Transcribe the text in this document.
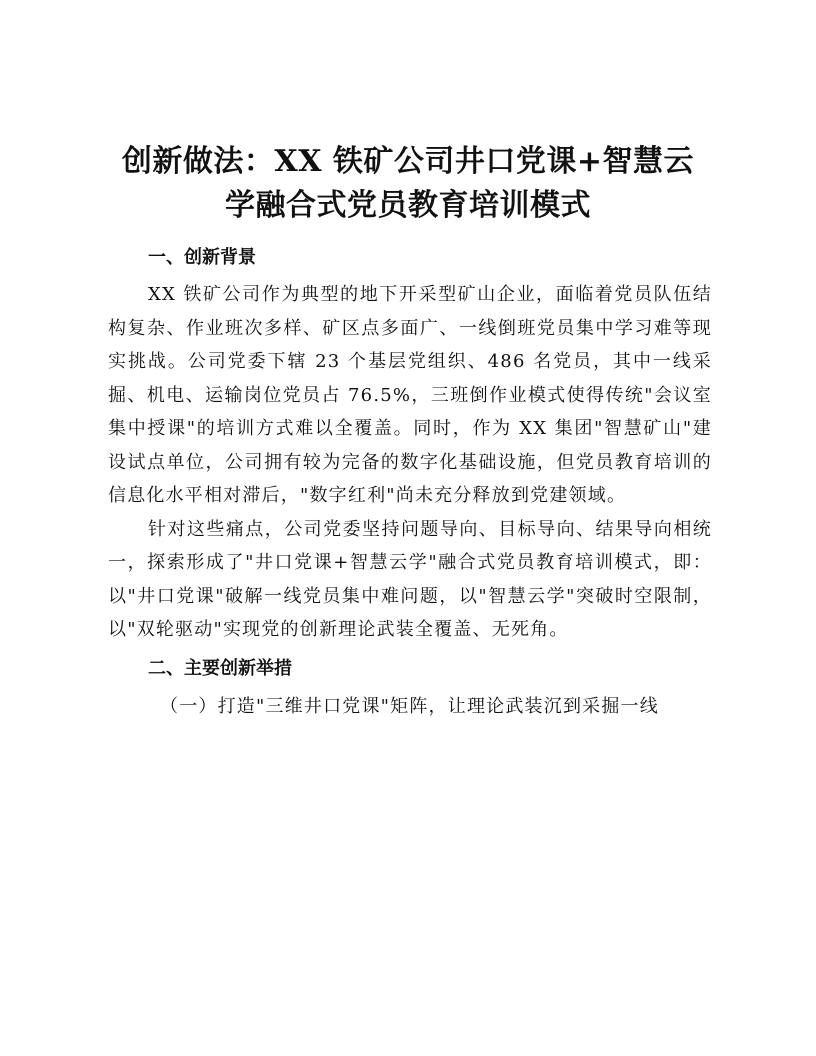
创新做法：XX 铁矿公司井口党课+智慧云学融合式党员教育培训模式
一、创新背景

XX 铁矿公司作为典型的地下开采型矿山企业，面临着党员队伍结构复杂、作业班次多样、矿区点多面广、一线倒班党员集中学习难等现实挑战。公司党委下辖 23 个基层党组织、486 名党员，其中一线采掘、机电、运输岗位党员占 76.5%，三班倒作业模式使得传统"会议室集中授课"的培训方式难以全覆盖。同时，作为 XX 集团"智慧矿山"建设试点单位，公司拥有较为完备的数字化基础设施，但党员教育培训的信息化水平相对滞后，"数字红利"尚未充分释放到党建领域。

针对这些痛点，公司党委坚持问题导向、目标导向、结果导向相统一，探索形成了"井口党课+智慧云学"融合式党员教育培训模式，即：以"井口党课"破解一线党员集中难问题，以"智慧云学"突破时空限制，以"双轮驱动"实现党的创新理论武装全覆盖、无死角。

二、主要创新举措

（一）打造"三维井口党课"矩阵，让理论武装沉到采掘一线
